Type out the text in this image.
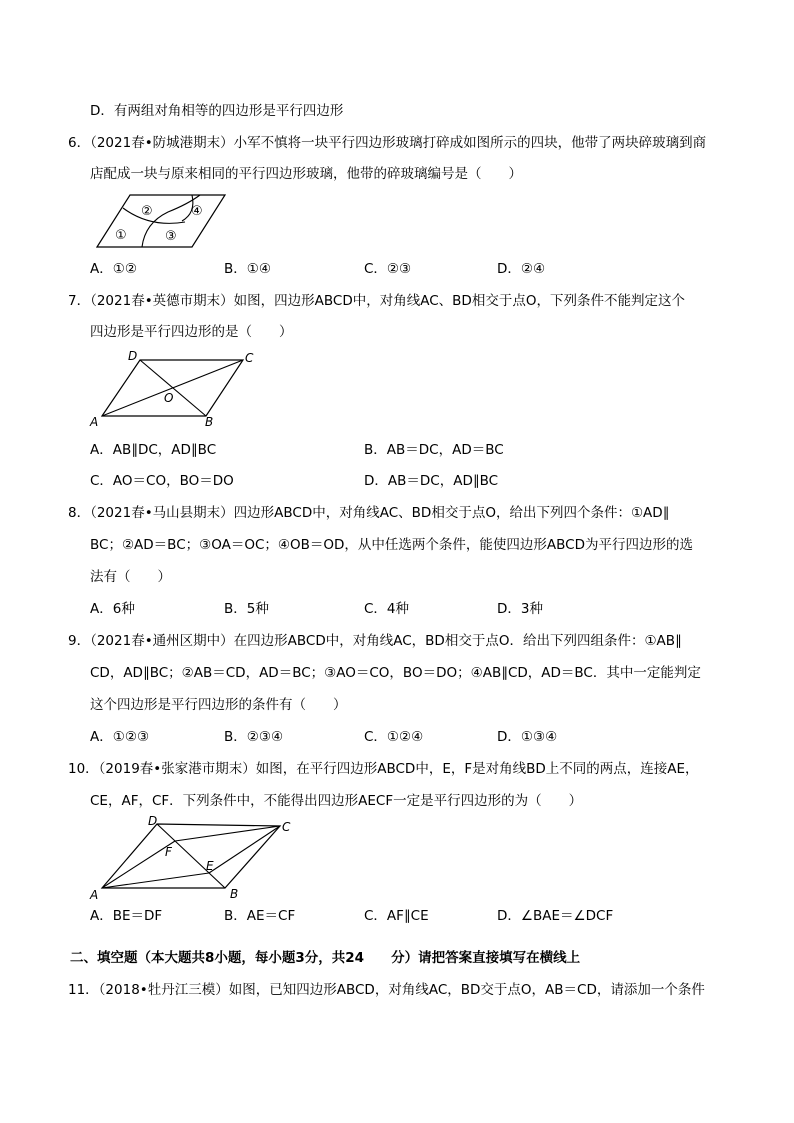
D．有两组对角相等的四边形是平行四边形
6．（2021春•防城港期末）小军不慎将一块平行四边形玻璃打碎成如图所示的四块，他带了两块碎玻璃到商
店配成一块与原来相同的平行四边形玻璃，他带的碎玻璃编号是（　　）
①
②
③
④
A．①②	B．①④	C．②③	D．②④
7．（2021春•英德市期末）如图，四边形ABCD中，对角线AC、BD相交于点O，下列条件不能判定这个
四边形是平行四边形的是（　　）
D	C
O
A	B
A．AB∥DC，AD∥BC	B．AB＝DC，AD＝BC
C．AO＝CO，BO＝DO	D．AB＝DC，AD∥BC
8．（2021春•马山县期末）四边形ABCD中，对角线AC、BD相交于点O，给出下列四个条件：①AD∥
BC；②AD＝BC；③OA＝OC；④OB＝OD，从中任选两个条件，能使四边形ABCD为平行四边形的选
法有（　　）
A．6种	B．5种	C．4种	D．3种
9．（2021春•通州区期中）在四边形ABCD中，对角线AC，BD相交于点O．给出下列四组条件：①AB∥
CD，AD∥BC；②AB＝CD，AD＝BC；③AO＝CO，BO＝DO；④AB∥CD，AD＝BC．其中一定能判定
这个四边形是平行四边形的条件有（　　）
A．①②③	B．②③④	C．①②④	D．①③④
10．（2019春•张家港市期末）如图，在平行四边形ABCD中，E，F是对角线BD上不同的两点，连接AE，
CE，AF，CF．下列条件中，不能得出四边形AECF一定是平行四边形的为（　　）
D	C
F
E
A	B
A．BE＝DF	B．AE＝CF	C．AF∥CE	D．∠BAE＝∠DCF
二、填空题（本大题共8小题，每小题3分，共24　　分）请把答案直接填写在横线上
11．（2018•牡丹江三模）如图，已知四边形ABCD，对角线AC，BD交于点O，AB＝CD，请添加一个条件
